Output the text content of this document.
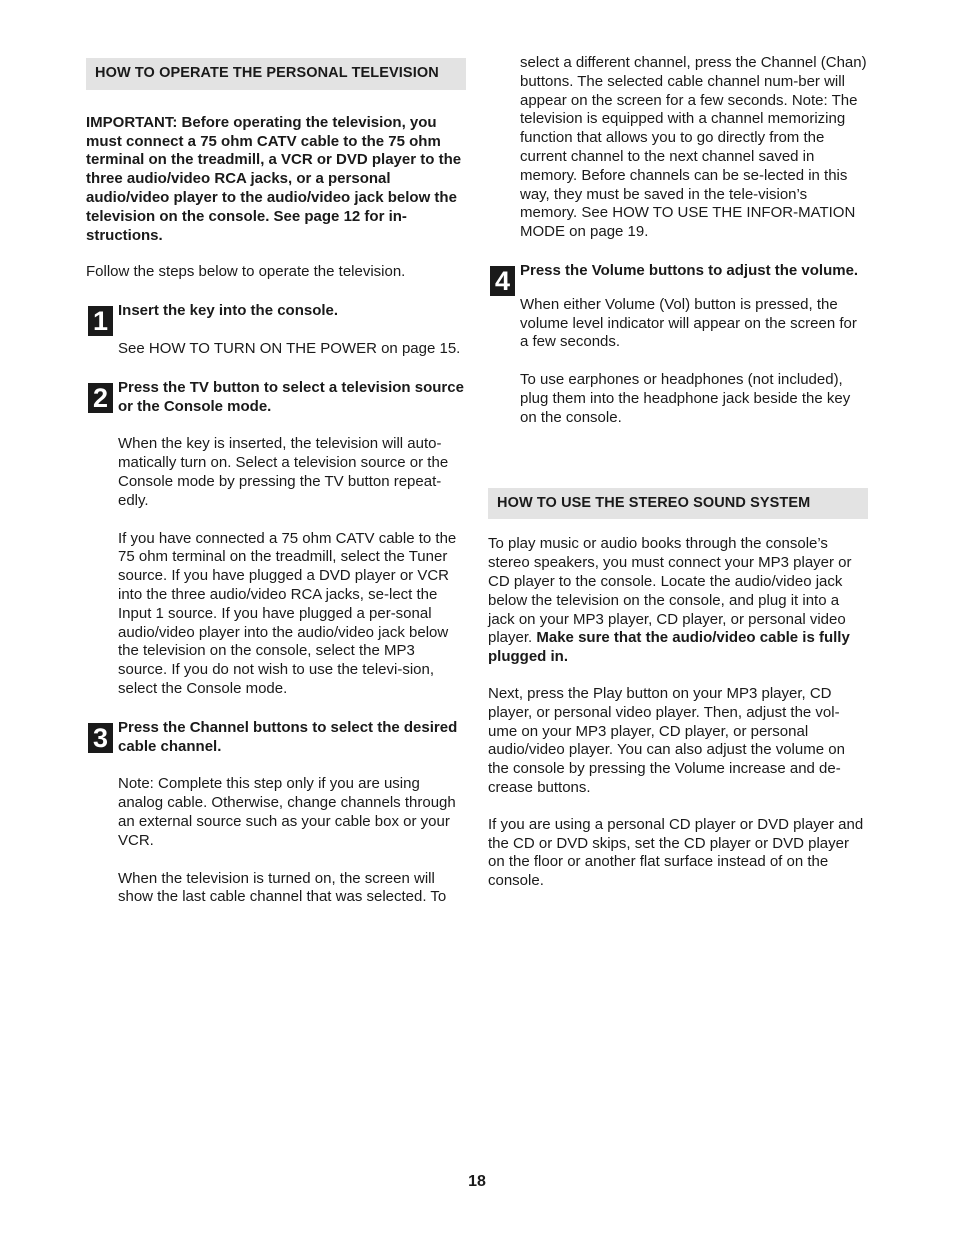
HOW TO OPERATE THE PERSONAL TELEVISION

IMPORTANT: Before operating the television, you must connect a 75 ohm CATV cable to the 75 ohm terminal on the treadmill, a VCR or DVD player to the three audio/video RCA jacks, or a personal audio/video player to the audio/video jack below the television on the console. See page 12 for in-structions.

Follow the steps below to operate the television.

1 Insert the key into the console.

See HOW TO TURN ON THE POWER on page 15.

2 Press the TV button to select a television source or the Console mode.

When the key is inserted, the television will auto-matically turn on. Select a television source or the Console mode by pressing the TV button repeat-edly.

If you have connected a 75 ohm CATV cable to the 75 ohm terminal on the treadmill, select the Tuner source. If you have plugged a DVD player or VCR into the three audio/video RCA jacks, se-lect the Input 1 source. If you have plugged a per-sonal audio/video player into the audio/video jack below the television on the console, select the MP3 source. If you do not wish to use the televi-sion, select the Console mode.

3 Press the Channel buttons to select the desired cable channel.

Note: Complete this step only if you are using analog cable. Otherwise, change channels through an external source such as your cable box or your VCR.

When the television is turned on, the screen will show the last cable channel that was selected. To

select a different channel, press the Channel (Chan) buttons. The selected cable channel num-ber will appear on the screen for a few seconds. Note: The television is equipped with a channel memorizing function that allows you to go directly from the current channel to the next channel saved in memory. Before channels can be se-lected in this way, they must be saved in the tele-vision’s memory. See HOW TO USE THE INFOR-MATION MODE on page 19.

4 Press the Volume buttons to adjust the volume.

When either Volume (Vol) button is pressed, the volume level indicator will appear on the screen for a few seconds.

To use earphones or headphones (not included), plug them into the headphone jack beside the key on the console.

HOW TO USE THE STEREO SOUND SYSTEM

To play music or audio books through the console’s stereo speakers, you must connect your MP3 player or CD player to the console. Locate the audio/video jack below the television on the console, and plug it into a jack on your MP3 player, CD player, or personal video player. Make sure that the audio/video cable is fully plugged in.

Next, press the Play button on your MP3 player, CD player, or personal video player. Then, adjust the vol-ume on your MP3 player, CD player, or personal audio/video player. You can also adjust the volume on the console by pressing the Volume increase and de-crease buttons.

If you are using a personal CD player or DVD player and the CD or DVD skips, set the CD player or DVD player on the floor or another flat surface instead of on the console.

18
